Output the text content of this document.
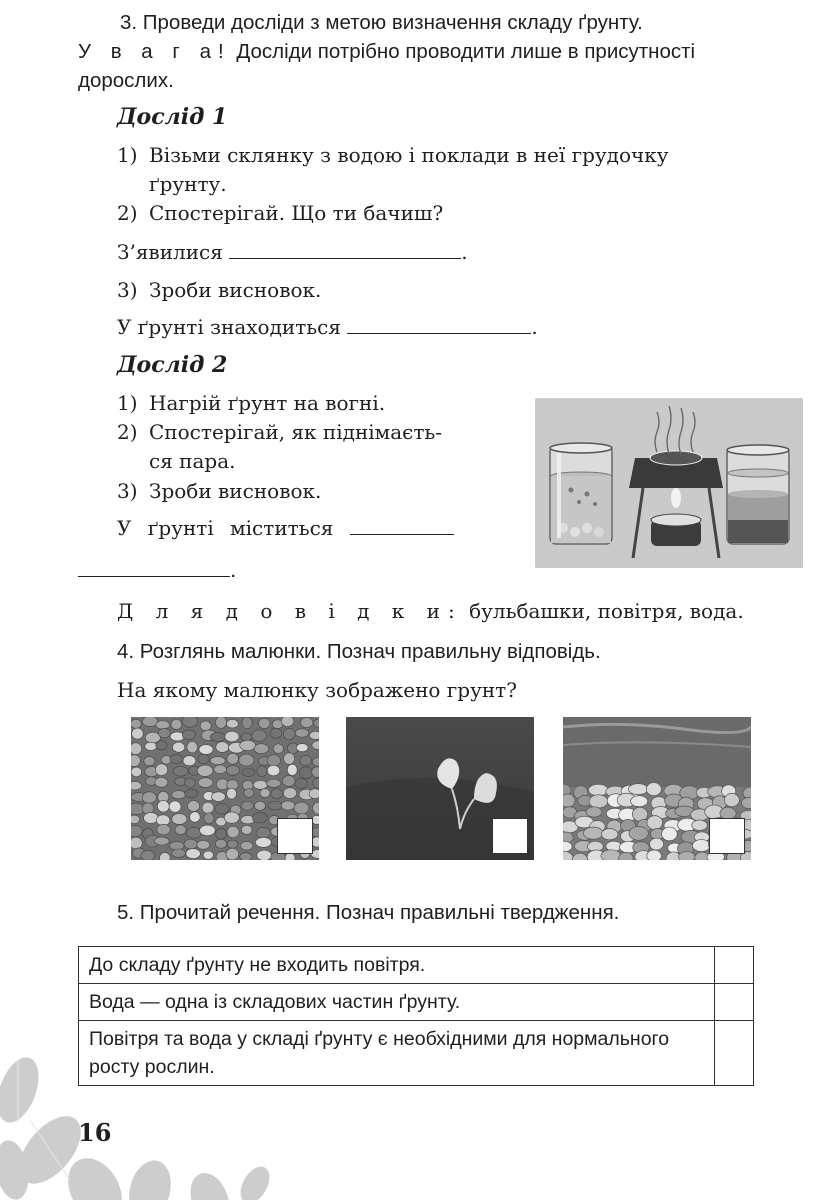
3. Проведи досліди з метою визначення складу ґрунту.
У в а г а! Досліди потрібно проводити лише в присутності
дорослих.
Дослід 1
1) Візьми склянку з водою і поклади в неї грудочку
ґрунту.
2) Спостерігай. Що ти бачиш?
З’явилися	.
3) Зроби висновок.
У ґрунті знаходиться	.
Дослід 2
1) Нагрій ґрунт на вогні.
2) Спостерігай, як піднімаєть-
ся пара.
3) Зроби висновок.
У ґрунті міститься
.
Д л я д о в і д к и: бульбашки, повітря, вода.
4. Розглянь малюнки. Познач правильну відповідь.
На якому малюнку зображено грунт?
5. Прочитай речення. Познач правильні твердження.
До складу ґрунту не входить повітря.	
Вода — одна із складових частин ґрунту.	
Повітря та вода у складі ґрунту є необхідними для нормального росту рослин.	
16
